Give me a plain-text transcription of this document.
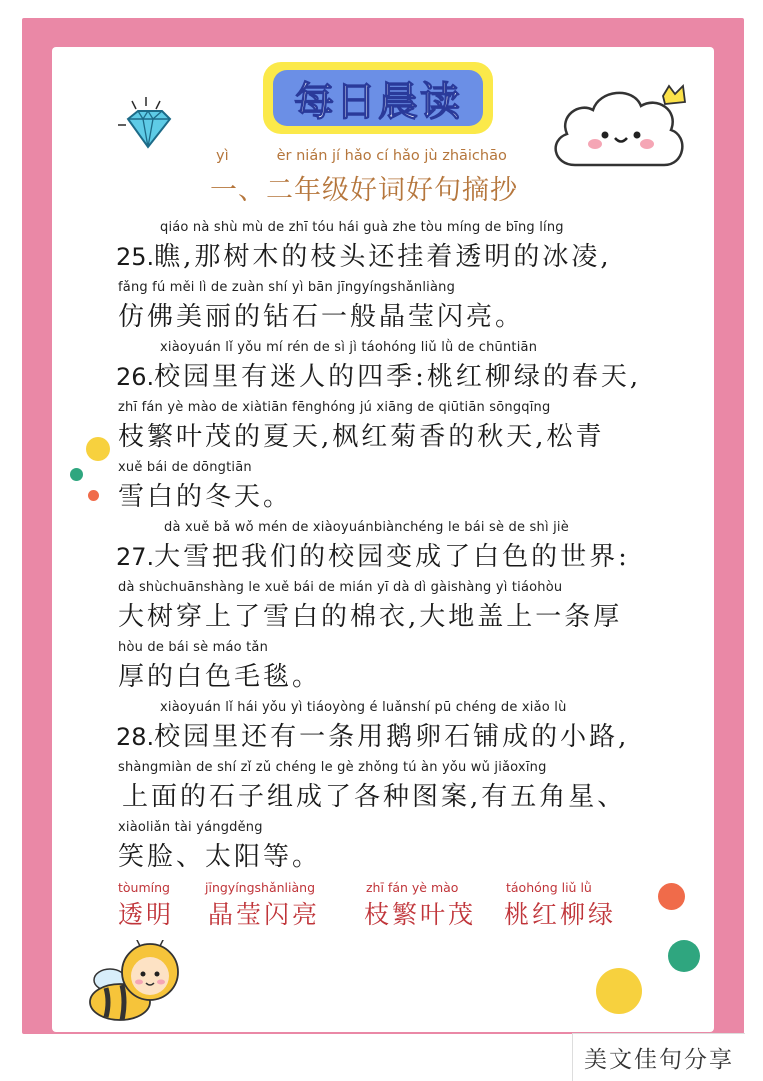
每日晨读
yì	èr nián jí hǎo cí hǎo jù zhāichāo
一、二年级好词好句摘抄
qiáo nà shù mù de zhī tóu hái guà zhe tòu míng de bīng líng
25.瞧,那树木的枝头还挂着透明的冰凌,
fǎng fú měi lì de zuàn shí yì bān jīngyíngshǎnliàng
仿佛美丽的钻石一般晶莹闪亮。
xiàoyuán lǐ yǒu mí rén de sì jì táohóng liǔ lǜ de chūntiān
26.校园里有迷人的四季:桃红柳绿的春天,
zhī fán yè mào de xiàtiān fēnghóng jú xiāng de qiūtiān sōngqīng
枝繁叶茂的夏天,枫红菊香的秋天,松青
xuě bái de dōngtiān
雪白的冬天。
dà xuě bǎ wǒ mén de xiàoyuánbiànchéng le bái sè de shì jiè
27.大雪把我们的校园变成了白色的世界:
dà shùchuānshàng le xuě bái de mián yī dà dì gàishàng yì tiáohòu
大树穿上了雪白的棉衣,大地盖上一条厚
hòu de bái sè máo tǎn
厚的白色毛毯。
xiàoyuán lǐ hái yǒu yì tiáoyòng é luǎnshí pū chéng de xiǎo lù
28.校园里还有一条用鹅卵石铺成的小路,
shàngmiàn de shí zǐ zǔ chéng le gè zhǒng tú àn yǒu wǔ jiǎoxīng
上面的石子组成了各种图案,有五角星、
xiàoliǎn tài yángděng
笑脸、太阳等。
tòumíng
透明
jīngyíngshǎnliàng
晶莹闪亮
zhī fán yè mào
枝繁叶茂
táohóng liǔ lǜ
桃红柳绿
美文佳句分享
